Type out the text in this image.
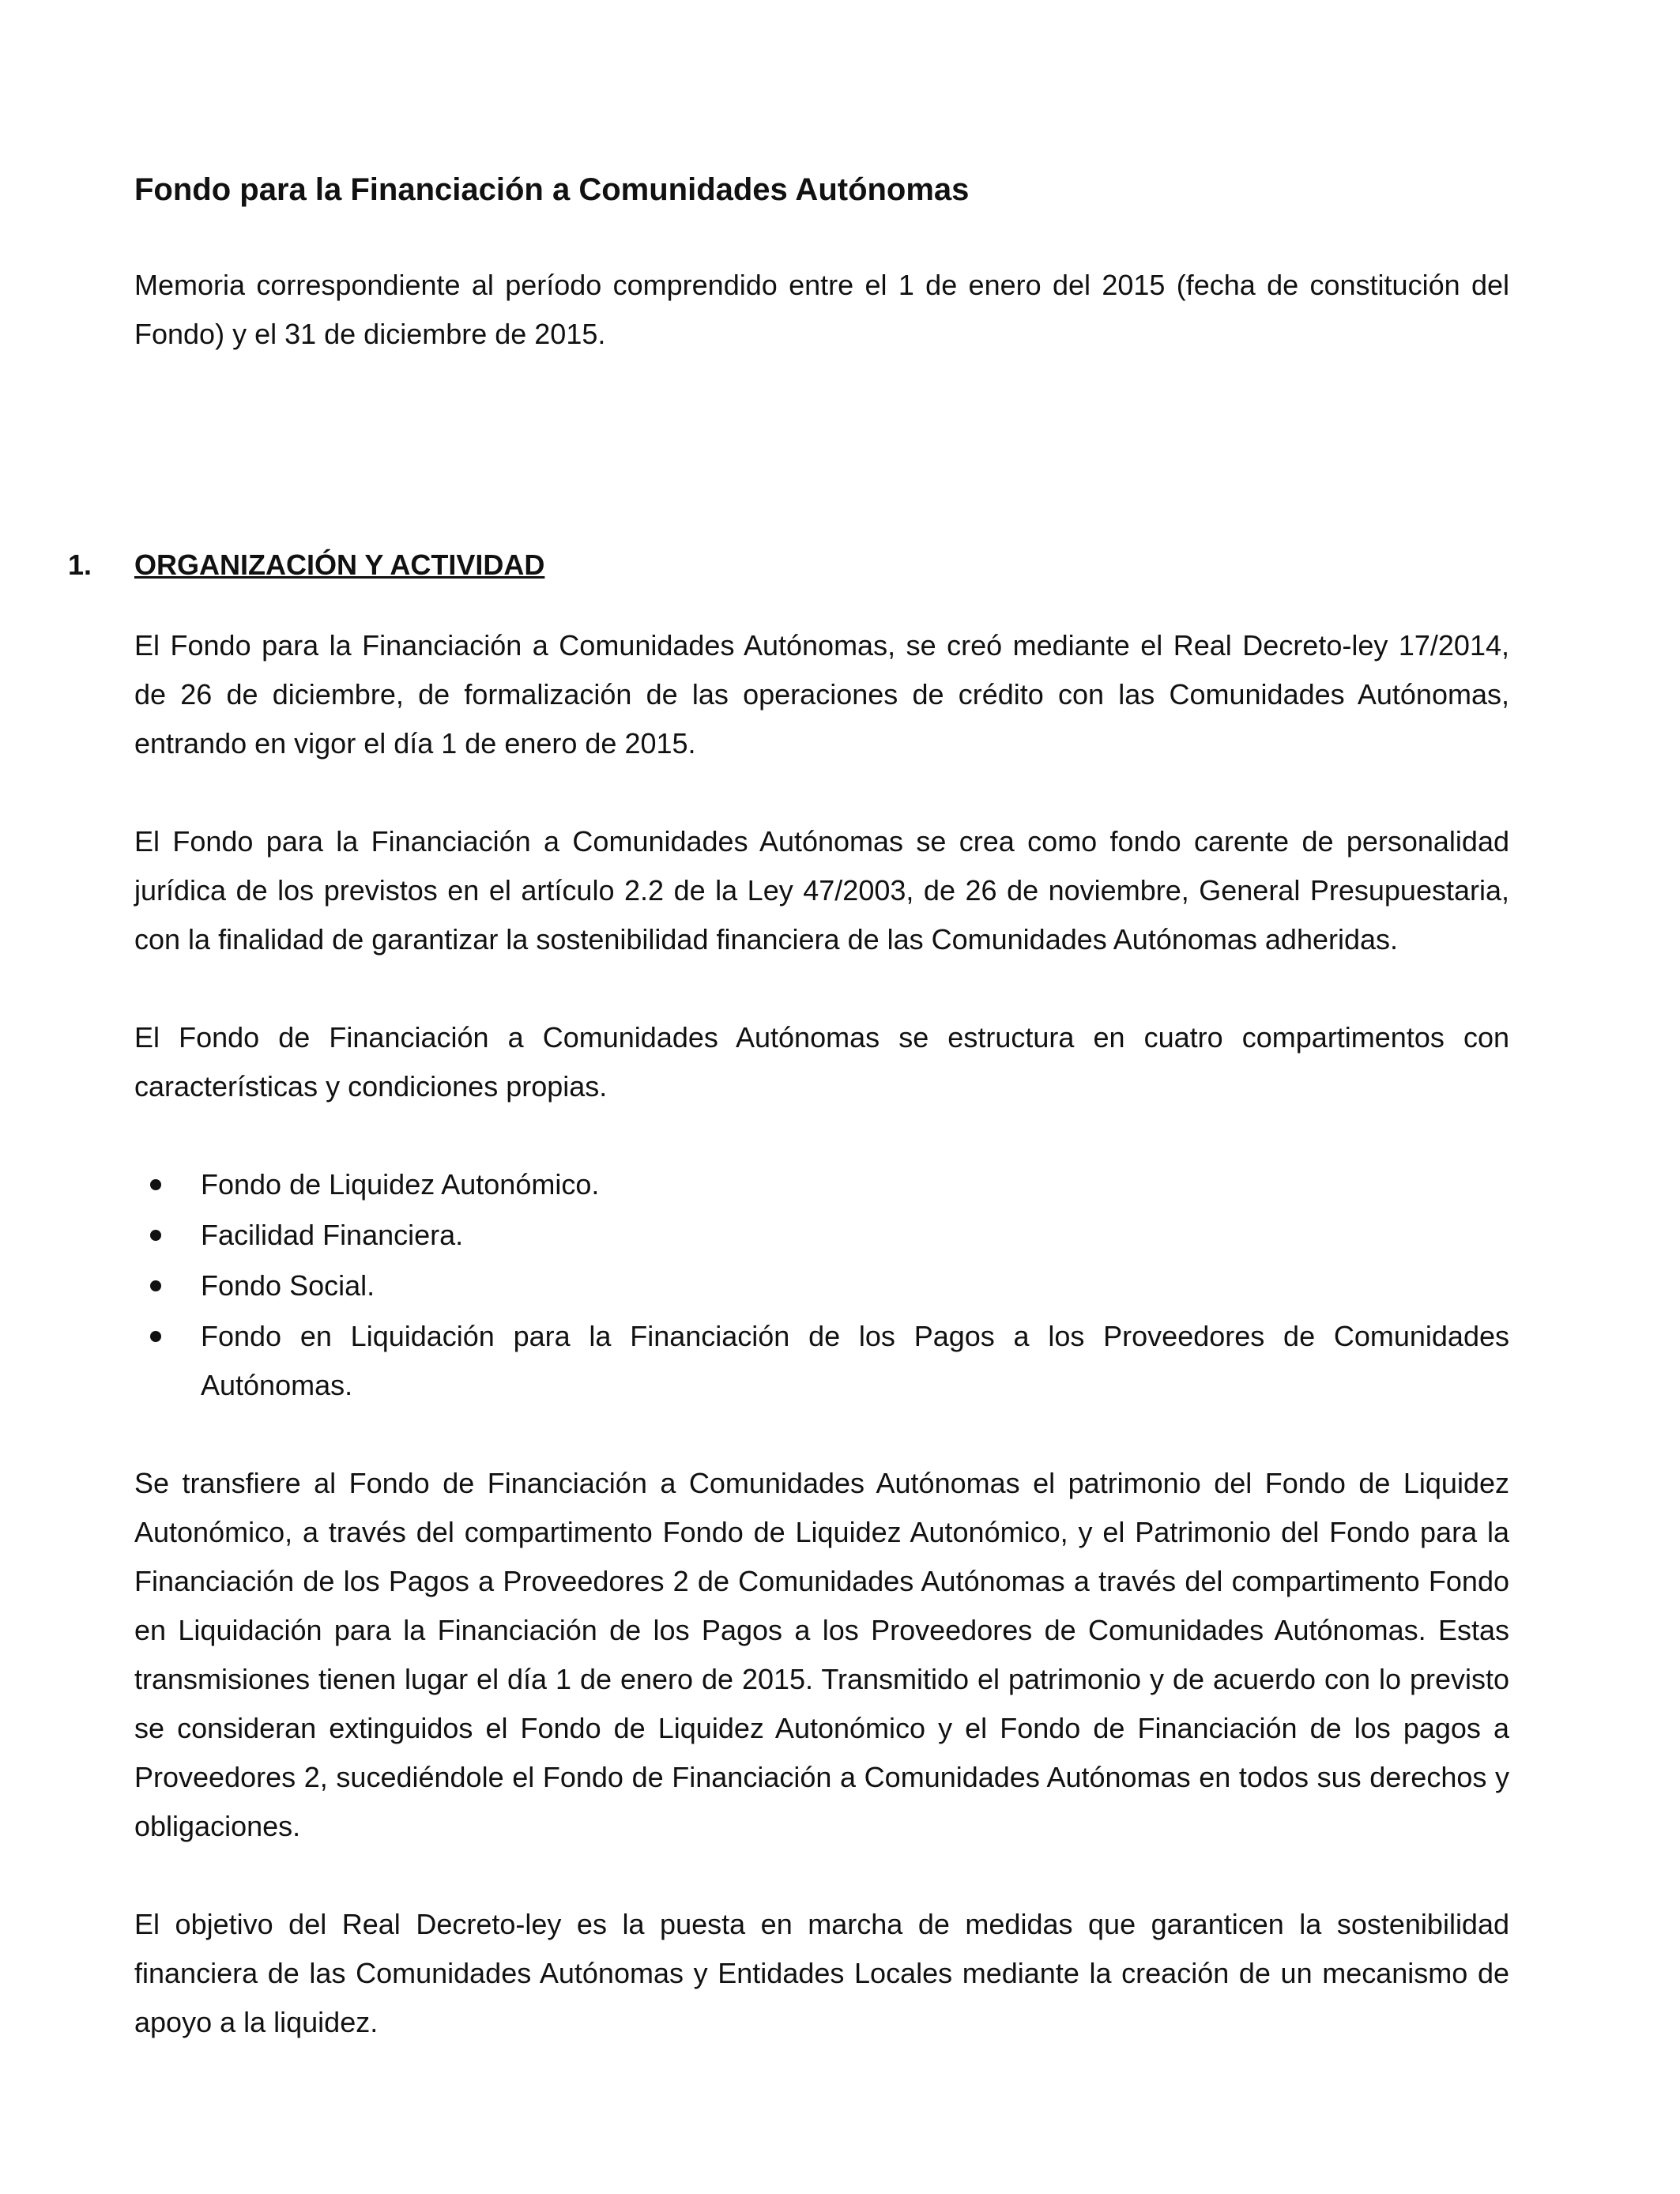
Fondo para la Financiación a Comunidades Autónomas

Memoria correspondiente al período comprendido entre el 1 de enero del 2015 (fecha de constitución del Fondo) y el 31 de diciembre de 2015.

1. ORGANIZACIÓN Y ACTIVIDAD

El Fondo para la Financiación a Comunidades Autónomas, se creó mediante el Real Decreto-ley 17/2014, de 26 de diciembre, de formalización de las operaciones de crédito con las Comunidades Autónomas, entrando en vigor el día 1 de enero de 2015.

El Fondo para la Financiación a Comunidades Autónomas se crea como fondo carente de personalidad jurídica de los previstos en el artículo 2.2 de la Ley 47/2003, de 26 de noviembre, General Presupuestaria, con la finalidad de garantizar la sostenibilidad financiera de las Comunidades Autónomas adheridas.

El Fondo de Financiación a Comunidades Autónomas se estructura en cuatro compartimentos con características y condiciones propias.

Fondo de Liquidez Autonómico.
Facilidad Financiera.
Fondo Social.
Fondo en Liquidación para la Financiación de los Pagos a los Proveedores de Comunidades Autónomas.

Se transfiere al Fondo de Financiación a Comunidades Autónomas el patrimonio del Fondo de Liquidez Autonómico, a través del compartimento Fondo de Liquidez Autonómico, y el Patrimonio del Fondo para la Financiación de los Pagos a Proveedores 2 de Comunidades Autónomas a través del compartimento Fondo en Liquidación para la Financiación de los Pagos a los Proveedores de Comunidades Autónomas. Estas transmisiones tienen lugar el día 1 de enero de 2015. Transmitido el patrimonio y de acuerdo con lo previsto se consideran extinguidos el Fondo de Liquidez Autonómico y el Fondo de Financiación de los pagos a Proveedores 2, sucediéndole el Fondo de Financiación a Comunidades Autónomas en todos sus derechos y obligaciones.

El objetivo del Real Decreto-ley es la puesta en marcha de medidas que garanticen la sostenibilidad financiera de las Comunidades Autónomas y Entidades Locales mediante la creación de un mecanismo de apoyo a la liquidez.
